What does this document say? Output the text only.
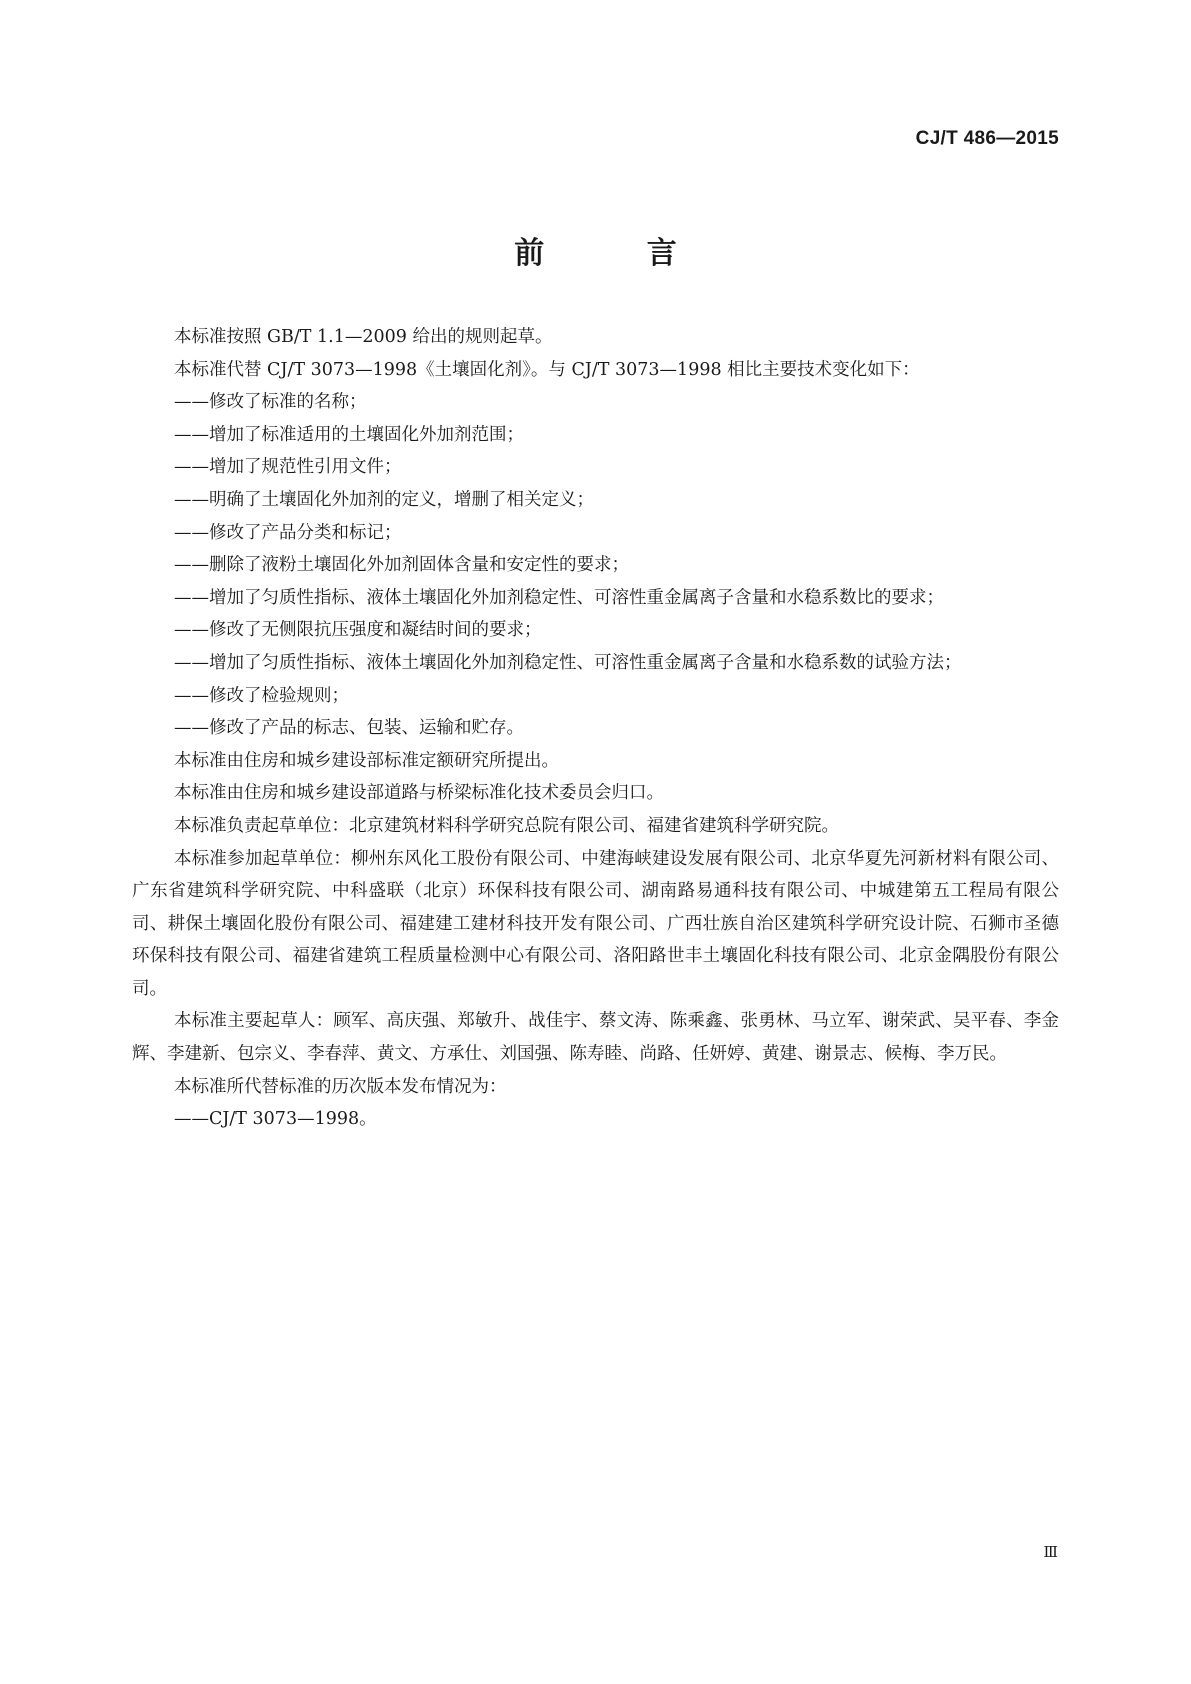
CJ/T 486—2015
前 言

本标准按照 GB/T 1.1—2009 给出的规则起草。

本标准代替 CJ/T 3073—1998《土壤固化剂》。与 CJ/T 3073—1998 相比主要技术变化如下：

——修改了标准的名称；

——增加了标准适用的土壤固化外加剂范围；

——增加了规范性引用文件；

——明确了土壤固化外加剂的定义，增删了相关定义；

——修改了产品分类和标记；

——删除了液粉土壤固化外加剂固体含量和安定性的要求；

——增加了匀质性指标、液体土壤固化外加剂稳定性、可溶性重金属离子含量和水稳系数比的要求；

——修改了无侧限抗压强度和凝结时间的要求；

——增加了匀质性指标、液体土壤固化外加剂稳定性、可溶性重金属离子含量和水稳系数的试验方法；

——修改了检验规则；

——修改了产品的标志、包装、运输和贮存。

本标准由住房和城乡建设部标准定额研究所提出。

本标准由住房和城乡建设部道路与桥梁标准化技术委员会归口。

本标准负责起草单位：北京建筑材料科学研究总院有限公司、福建省建筑科学研究院。

本标准参加起草单位：柳州东风化工股份有限公司、中建海峡建设发展有限公司、北京华夏先河新材料有限公司、广东省建筑科学研究院、中科盛联（北京）环保科技有限公司、湖南路易通科技有限公司、中城建第五工程局有限公司、耕保土壤固化股份有限公司、福建建工建材科技开发有限公司、广西壮族自治区建筑科学研究设计院、石狮市圣德环保科技有限公司、福建省建筑工程质量检测中心有限公司、洛阳路世丰土壤固化科技有限公司、北京金隅股份有限公司。

本标准主要起草人：顾军、高庆强、郑敏升、战佳宇、蔡文涛、陈乘鑫、张勇林、马立军、谢荣武、吴平春、李金辉、李建新、包宗义、李春萍、黄文、方承仕、刘国强、陈寿睦、尚路、任妍婷、黄建、谢景志、候梅、李万民。

本标准所代替标准的历次版本发布情况为：

——CJ/T 3073—1998。

Ⅲ
